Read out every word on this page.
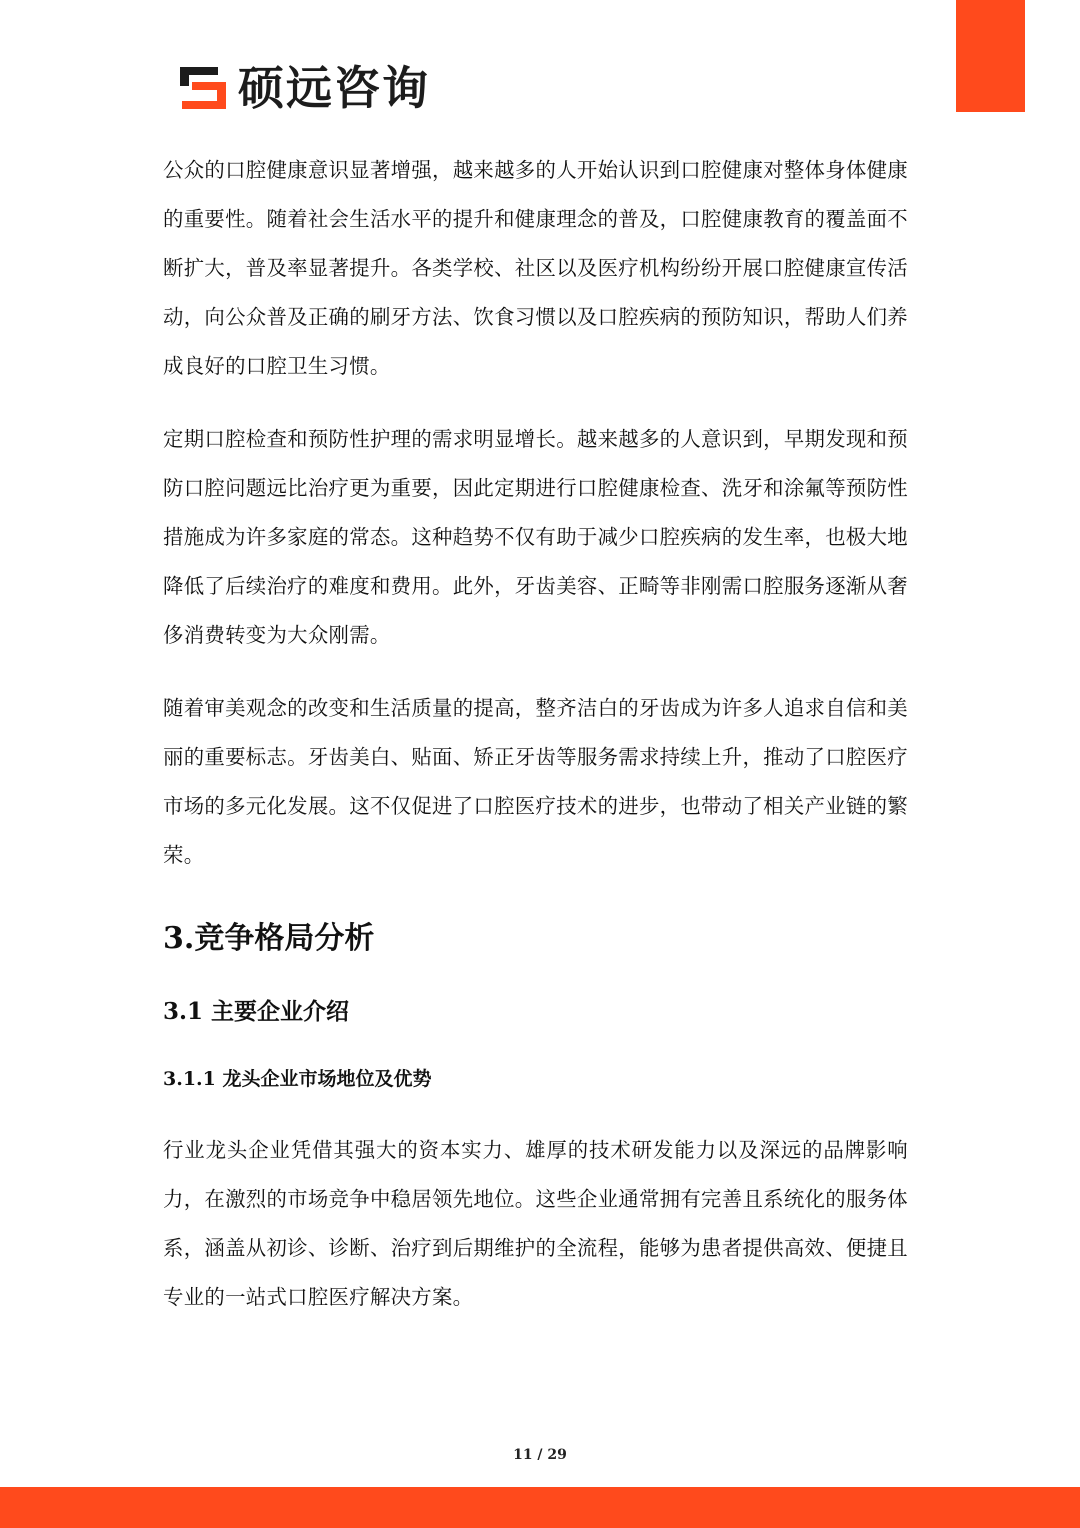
硕远咨询

公众的口腔健康意识显著增强，越来越多的人开始认识到口腔健康对整体身体健康的重要性。随着社会生活水平的提升和健康理念的普及，口腔健康教育的覆盖面不断扩大，普及率显著提升。各类学校、社区以及医疗机构纷纷开展口腔健康宣传活动，向公众普及正确的刷牙方法、饮食习惯以及口腔疾病的预防知识，帮助人们养成良好的口腔卫生习惯。

定期口腔检查和预防性护理的需求明显增长。越来越多的人意识到，早期发现和预防口腔问题远比治疗更为重要，因此定期进行口腔健康检查、洗牙和涂氟等预防性措施成为许多家庭的常态。这种趋势不仅有助于减少口腔疾病的发生率，也极大地降低了后续治疗的难度和费用。此外，牙齿美容、正畸等非刚需口腔服务逐渐从奢侈消费转变为大众刚需。

随着审美观念的改变和生活质量的提高，整齐洁白的牙齿成为许多人追求自信和美丽的重要标志。牙齿美白、贴面、矫正牙齿等服务需求持续上升，推动了口腔医疗市场的多元化发展。这不仅促进了口腔医疗技术的进步，也带动了相关产业链的繁荣。

3.竞争格局分析
3.1 主要企业介绍
3.1.1 龙头企业市场地位及优势

行业龙头企业凭借其强大的资本实力、雄厚的技术研发能力以及深远的品牌影响力，在激烈的市场竞争中稳居领先地位。这些企业通常拥有完善且系统化的服务体系，涵盖从初诊、诊断、治疗到后期维护的全流程，能够为患者提供高效、便捷且专业的一站式口腔医疗解决方案。

11 / 29
